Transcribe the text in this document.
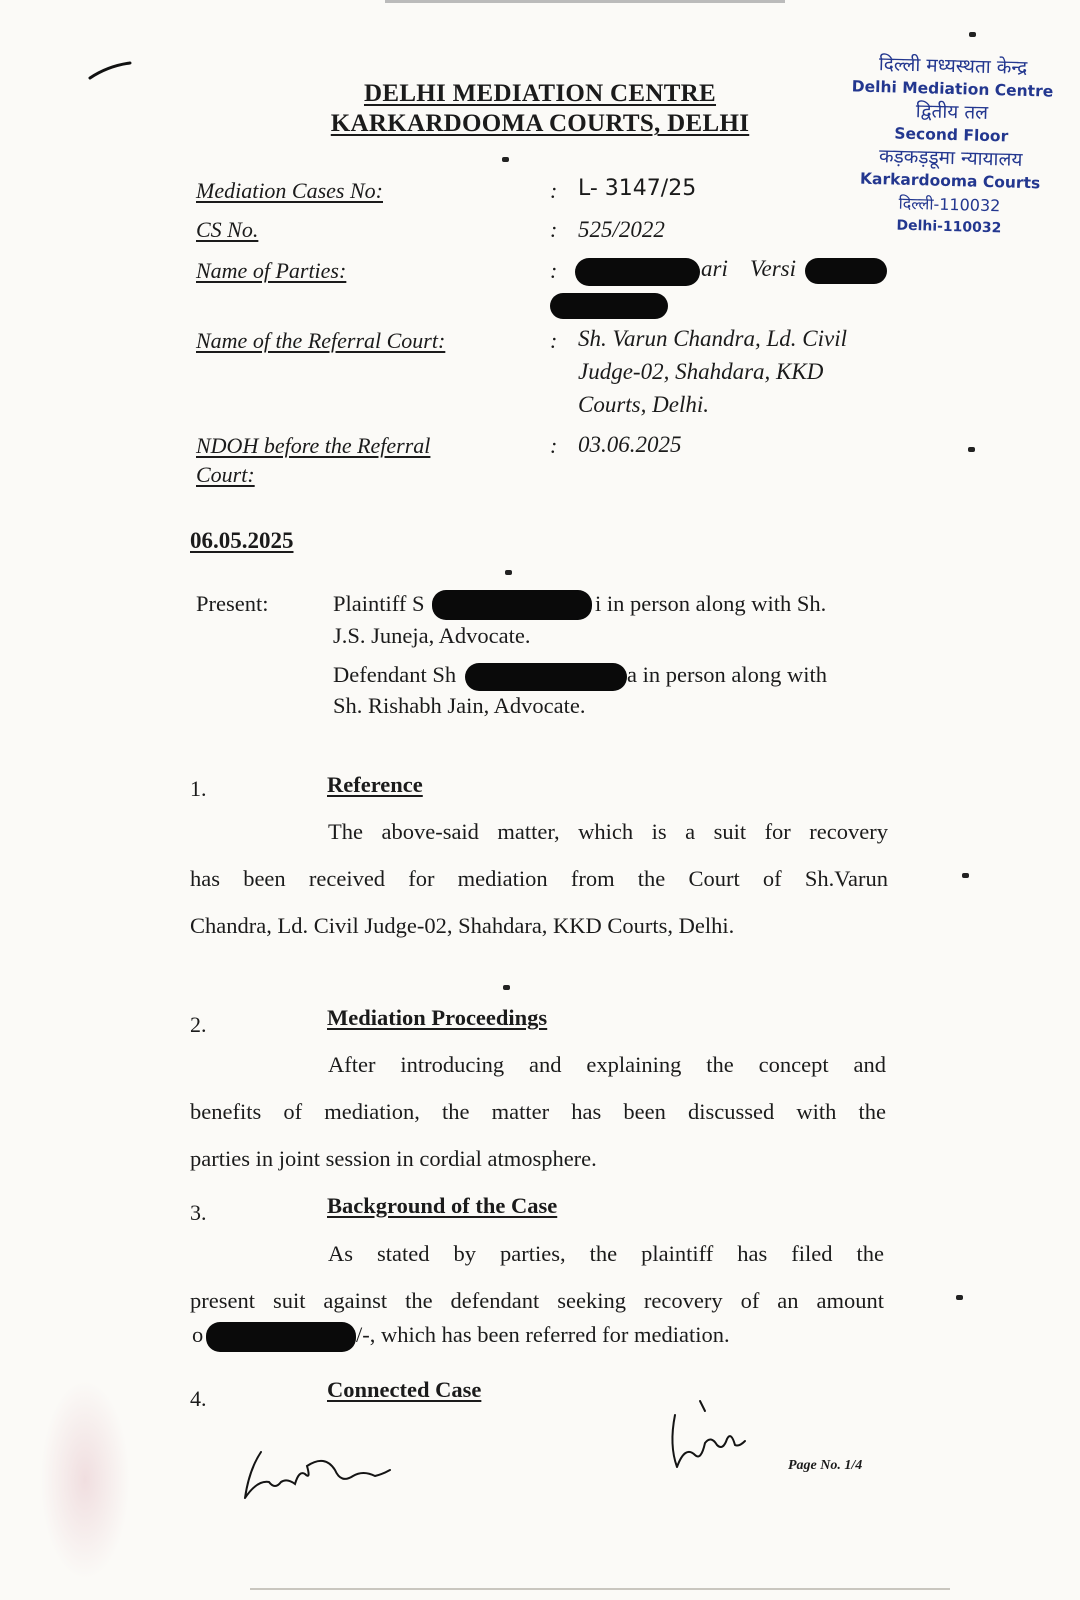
DELHI MEDIATION CENTRE
KARKARDOOMA COURTS, DELHI
दिल्ली मध्यस्थता केन्द्र
Delhi Mediation Centre
द्वितीय तल
Second Floor
कड़कड़डूमा न्यायालय
Karkardooma Courts
दिल्ली-110032
Delhi-110032
Mediation Cases No:	: L- 3147/25
CS No.	: 525/2022
Name of Parties:	:	ari Versi
Name of the Referral Court:	: Sh. Varun Chandra, Ld. Civil
Judge-02, Shahdara, KKD
Courts, Delhi.
NDOH before the Referral
Court:
: 03.06.2025
06.05.2025
Present:	Plaintiff S	i in person along with Sh.
J.S. Juneja, Advocate.
Defendant Sh	a in person along with
Sh. Rishabh Jain, Advocate.
1.	Reference
The above-said matter, which is a suit for recovery
has been received for mediation from the Court of Sh.Varun
Chandra, Ld. Civil Judge-02, Shahdara, KKD Courts, Delhi.
2.	Mediation Proceedings
After introducing and explaining the concept and
benefits of mediation, the matter has been discussed with the
parties in joint session in cordial atmosphere.
3.	Background of the Case
As stated by parties, the plaintiff has filed the
present suit against the defendant seeking recovery of an amount
o	/-, which has been referred for mediation.
4.	Connected Case
Page No. 1/4
